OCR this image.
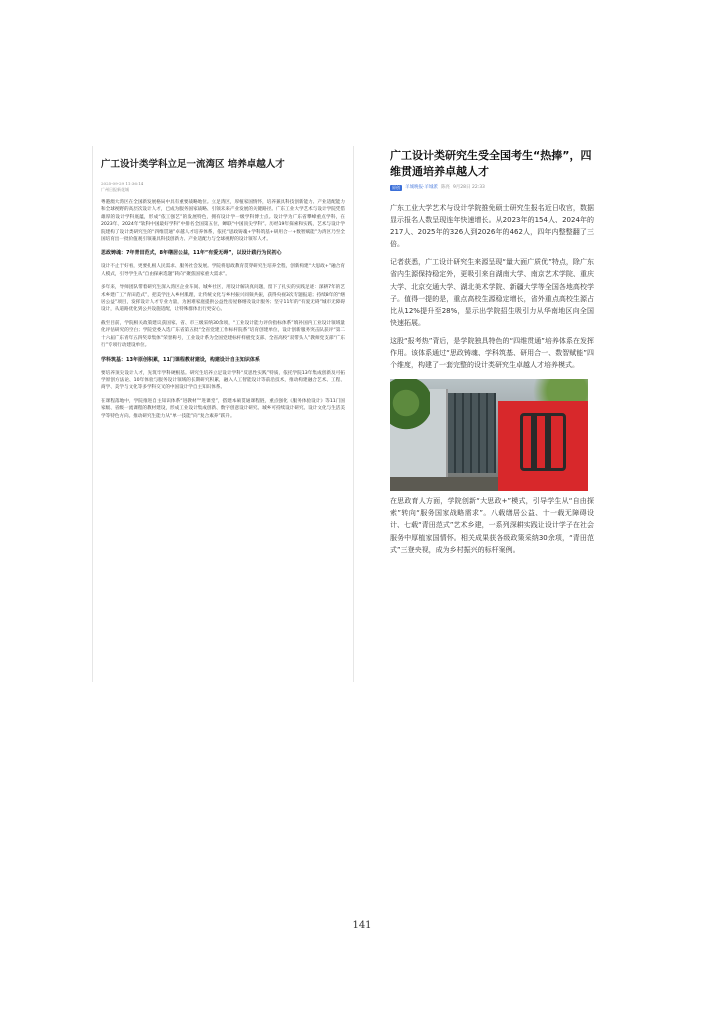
广工设计类学科立足一流湾区 培养卓越人才
2025-09-29 11:36:14
广州日报新花城
粤港澳大湾区在全国新发展格局中具有重要战略地位。立足湾区，厚植家国情怀，培养兼具科技创新能力、产业适配能力和全球视野的高层次设计人才，已成为服务国家战略、引领未来产业发展的关键路径。广东工业大学艺术与设计学院凭借雄厚的设计学科底蕴，形成“依工强艺”的发展特色，拥有设计学一级学科博士点。设计学为广东省攀峰重点学科，在2023年、2024年“软科中国最好学科”中排名全国第五位，蝉联“中国顶尖学科”。历经19年探索和实践，艺术与设计学院建构了设计类研究生的“四维贯通”卓越人才培养体系，依托“思政铸魂+学科筑基+研用合一+数智赋能”为湾区乃至全国培育出一批价值观引领兼具科技创新力、产业适配力与全球视野的设计领军人才。
思政铸魂：7年青田范式，8年缮居公益，11年“有爱无碍”，以设计践行为民初心
设计不止于好看，更要扎根人民需求、服务社会发展。学院将思政教育贯穿研究生培养全程，创新构建“大思政+”融合育人模式，引导学生从“自由探索选题”转向“聚焦国家重大需求”。
多年来，导师团队带着研究生深入湾区企业车间、城乡社区，用设计解决真问题，留下了扎实的实践足迹：深耕7年的艺术乡建广工“青田范式”，把美学注入乡村肌理，让传统文化与乡村振兴同频共振，获得央视3次专题报道；持续8年的“缮居公益”项目，发挥设计人才专业力量，为困难家庭提供公益性房屋修缮及设计服务；坚守11年的“有爱无碍”城市无障碍设计，从道路优化到公共设施适配，让特殊群体出行更安心。
截至目前，学院相关政策建议获国家、省、市三级采纳30余项，“工业设计能力评价指标体系”填补国内工业设计领域量化评估研究的空白；学院党委入选广东省第五批“全省党建工作标杆院系”培育创建单位，设计创新服务突击队获评“第二十六届广东青年五四奖章集体”荣誉称号，工业设计系为全国党建标杆样板党支部、全省高校“双带头人”教师党支部“广东行”专项行动建设单位。
学科筑基：13年原创积累，11门课程教材建设，构建设计自主知识体系
要培养顶尖设计人才，先筑牢学科硬根基。研究生培养立足设计学科“反思性实践”特质，依托学院13年集成创新及可拓学原创方法论、10年体验与服务设计领域的长期研究积累，融入人工智能设计等前沿技术，推动构建融合艺术、工程、商学、美学与文化等多学科交叉的中国设计学自主知识体系。
在课程落地中，学院推进自主知识体系“进教材”“进课堂”，搭建本硕贯通课程链，重点强化《服务体验设计》等11门国家级、省级一流课程的教材建设，形成工业设计集成创新、数字创意设计研究、城乡可持续设计研究、设计文化与生活美学等特色方向。推动研究生能力从“单一技能”向“复合素养”跃升。
广工设计类研究生受全国考生“热捧”，四维贯通培养卓越人才
原创	羊城晚报·羊城派 陈亮 9月28日 22:33
广东工业大学艺术与设计学院推免硕士研究生报名近日收官，数据显示报名人数呈现连年快速增长。从2023年的154人、2024年的217人、2025年的326人到2026年的462人，四年内整整翻了三倍。
记者获悉，广工设计研究生来源呈现“量大面广质优”特点，除广东省内生源保持稳定外，更吸引来自湖南大学、南京艺术学院、重庆大学、北京交通大学、湖北美术学院、新疆大学等全国各地高校学子。值得一提的是，重点高校生源稳定增长，省外重点高校生源占比从12%提升至28%，显示出学院招生吸引力从华南地区向全国快速拓展。
这股“报考热”背后，是学院独具特色的“四维贯通”培养体系在发挥作用。该体系通过“思政铸魂、学科筑基、研用合一、数智赋能”四个维度，构建了一套完整的设计类研究生卓越人才培养模式。
在思政育人方面，学院创新“大思政+”模式，引导学生从“自由探索”转向“服务国家战略需求”。八载缮居公益、十一载无障碍设计、七载“青田范式”艺术乡建，一系列深耕实践让设计学子在社会服务中厚植家国情怀。相关成果获各级政策采纳30余项，“青田范式”三登央视，成为乡村振兴的标杆案例。
141
